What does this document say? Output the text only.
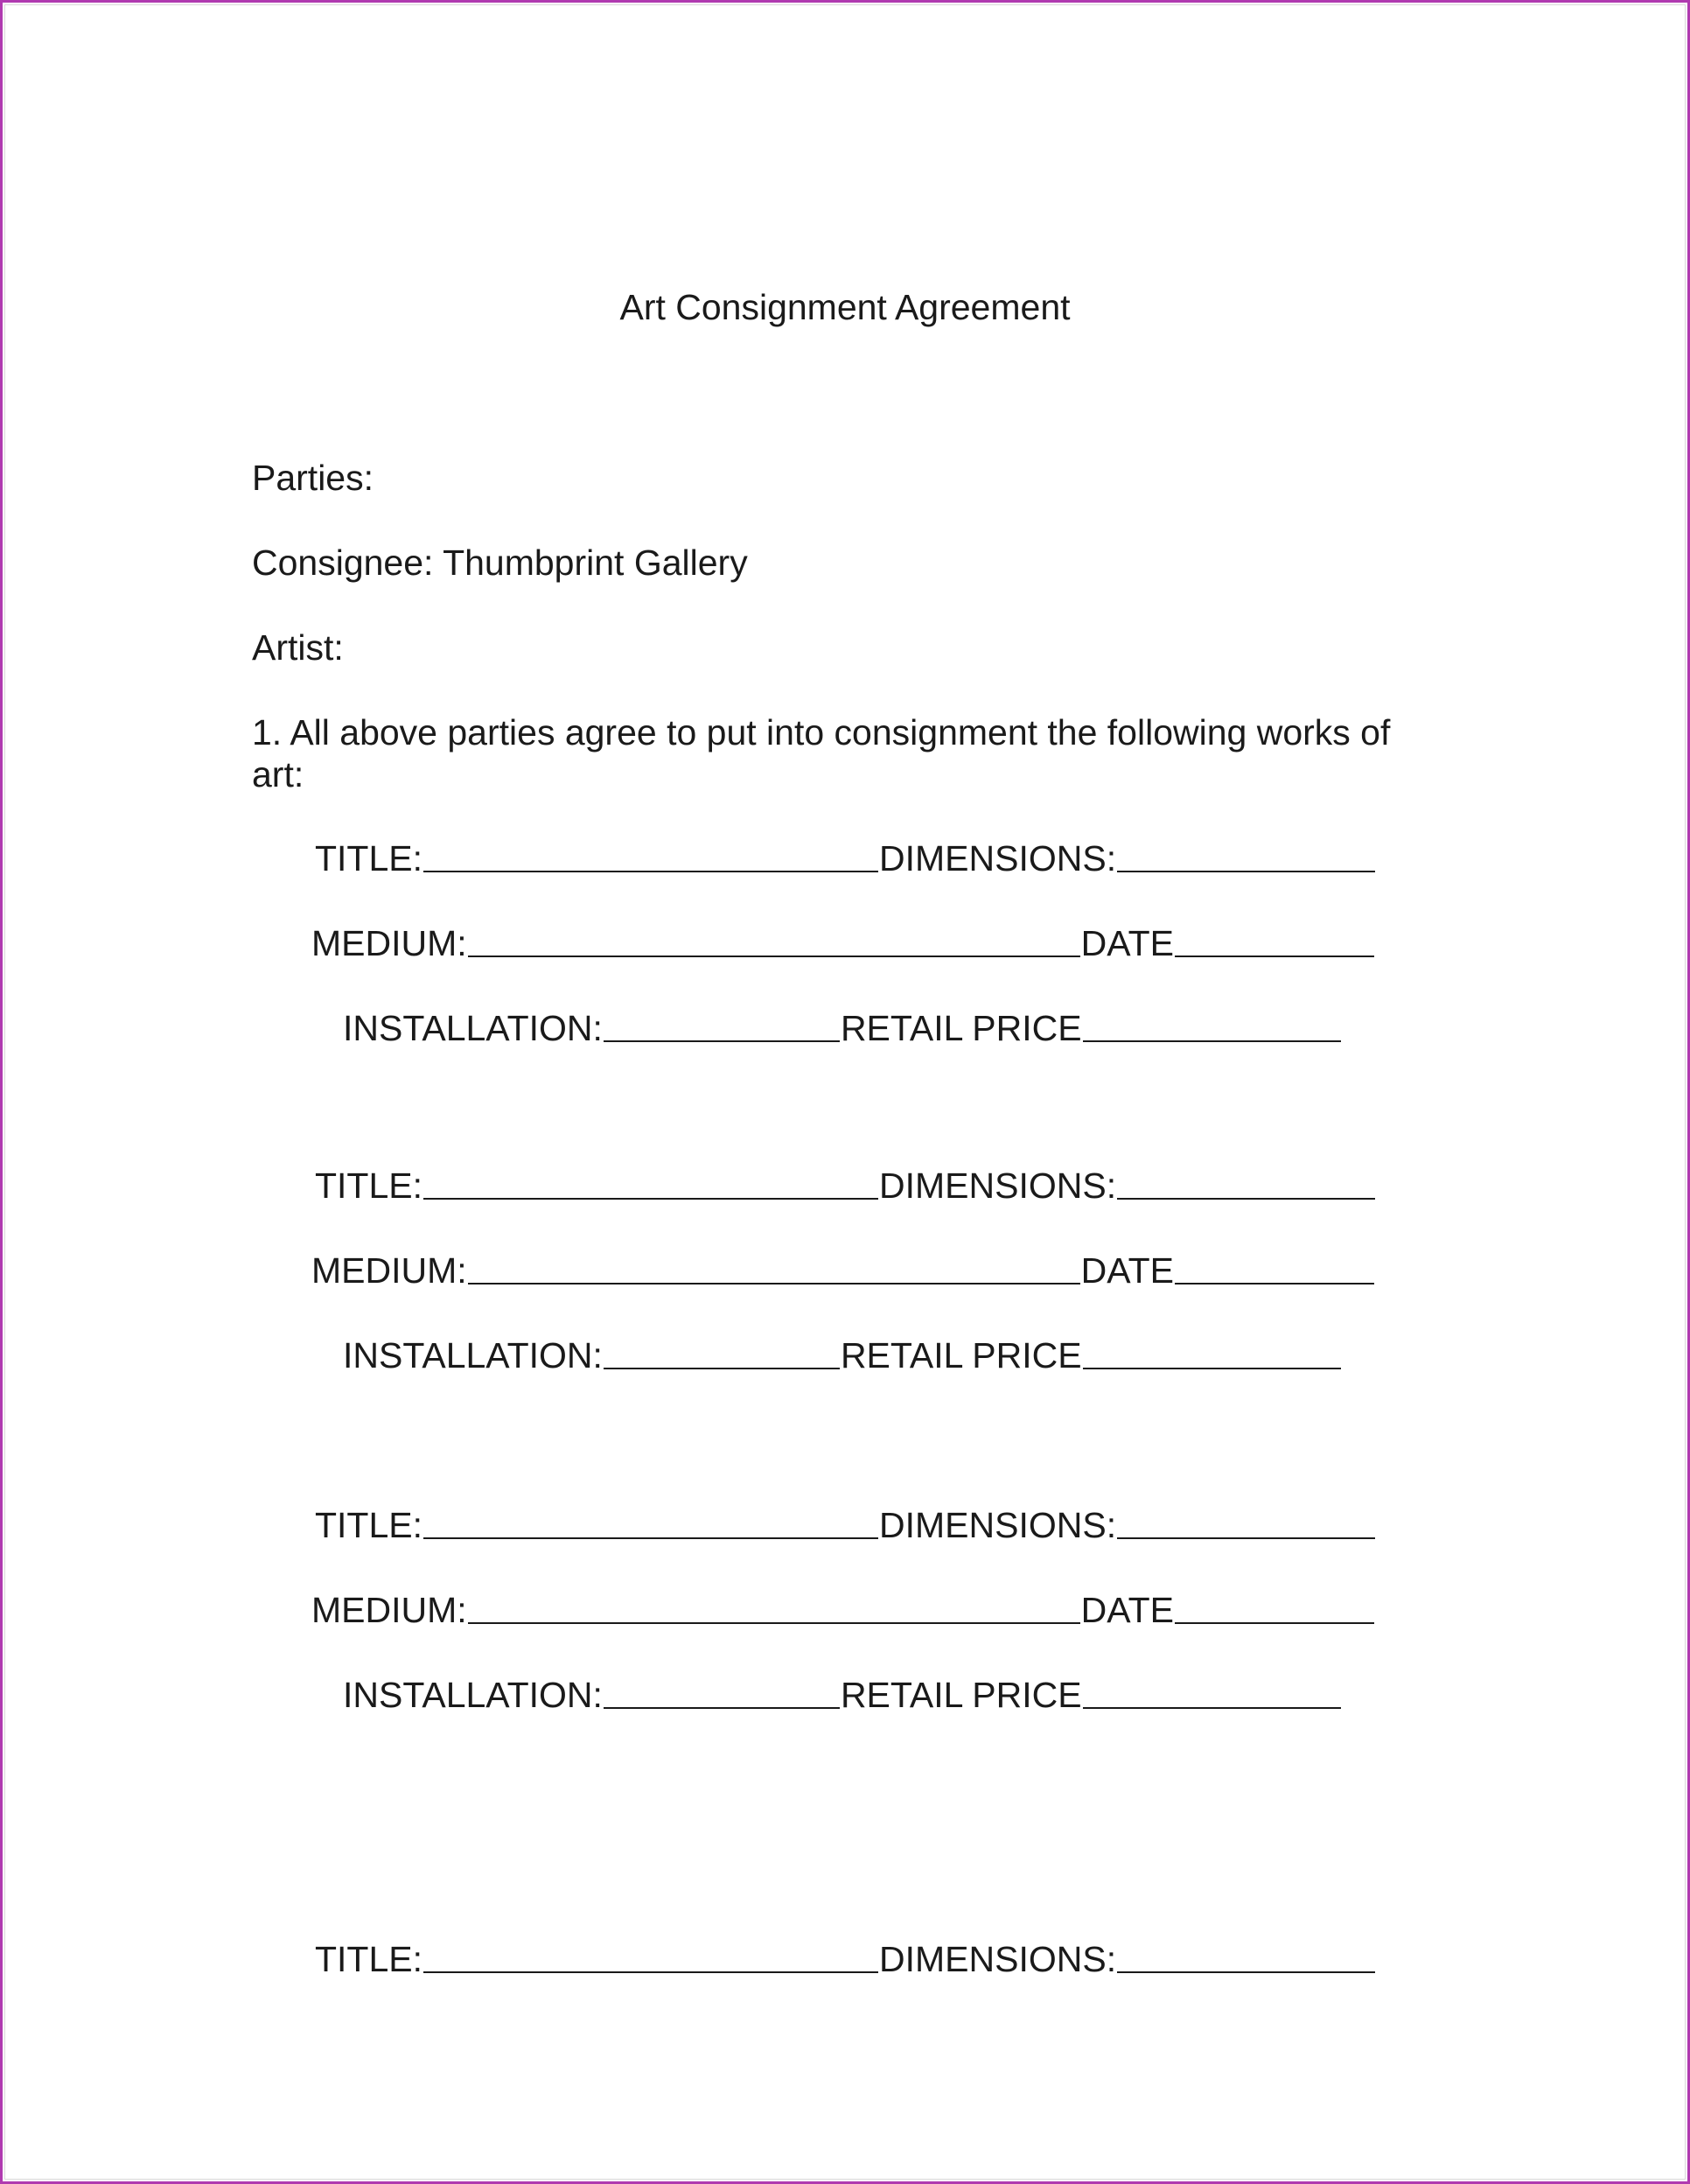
Art Consignment Agreement
Parties:
Consignee: Thumbprint Gallery
Artist:
1. All above parties agree to put into consignment the following works of art:
TITLE:	DIMENSIONS:
MEDIUM:	DATE
INSTALLATION:	RETAIL PRICE
TITLE:	DIMENSIONS:
MEDIUM:	DATE
INSTALLATION:	RETAIL PRICE
TITLE:	DIMENSIONS:
MEDIUM:	DATE
INSTALLATION:	RETAIL PRICE
TITLE:	DIMENSIONS:
